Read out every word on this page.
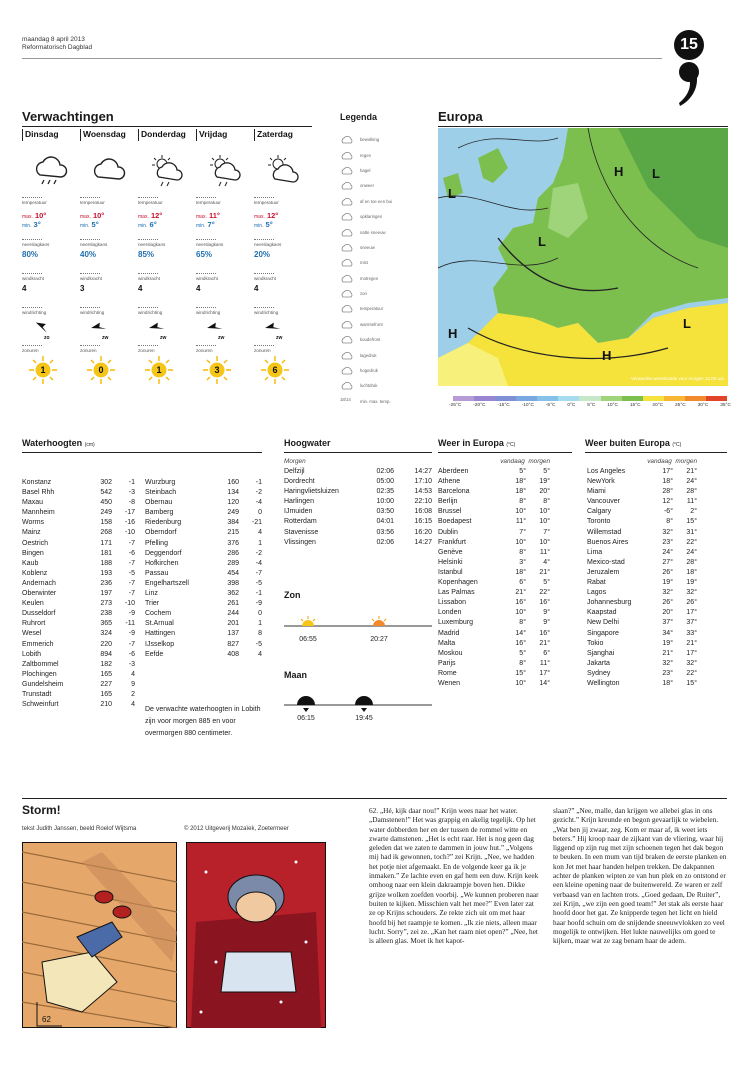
maandag 8 april 2013
Reformatorisch Dagblad	15
Verwachtingen
Dinsdag
temperatuur
max. 10°
min. 3°
neerslagkans
80%
windkracht
4
windrichting
zo
zonuren
1
Woensdag
temperatuur
max. 10°
min. 5°
neerslagkans
40%
windkracht
3
windrichting
zw
zonuren
0
Donderdag
temperatuur
max. 12°
min. 6°
neerslagkans
85%
windkracht
4
windrichting
zw
zonuren
1
Vrijdag
temperatuur
max. 11°
min. 7°
neerslagkans
65%
windkracht
4
windrichting
zw
zonuren
3
Zaterdag
temperatuur
max. 12°
min. 5°
neerslagkans
20%
windkracht
4
windrichting
zw
zonuren
6
Legenda
bewolking
regen
hagel
onweer
af en toe een bui
opklaringen
natte sneeuw
sneeuw
mist
motregen
zon
temperatuur
warmtefront
koudefront
lagedruk
hogedruk
luchtdruk
18/14	min. max. temp.
Europa
H
H
L
L
H
L
L
Verwachte weersituatie voor morgen 12.00 uur
-25°C -20°C -15°C -10°C -5°C 0°C 5°C 10°C 15°C 20°C 25°C 30°C 35°C
Waterhoogten (cm)
Konstanz	302	-1
Basel Rhh	542	-3
Maxau	450	-8
Mannheim	249	-17
Worms	158	-16
Mainz	268	-10
Oestrich	171	-7
Bingen	181	-6
Kaub	188	-7
Koblenz	193	-5
Andernach	236	-7
Oberwinter	197	-7
Keulen	273	-10
Dusseldorf	238	-9
Ruhrort	365	-11
Wesel	324	-9
Emmerich	220	-7
Lobith	894	-6
Zaltbommel	182	-3
Plochingen	165	4
Gundelsheim	227	9
Trunstadt	165	2
Schweinfurt	210	4
Wurzburg	160	-1
Steinbach	134	-2
Obernau	120	-4
Bamberg	249	0
Riedenburg	384	-21
Oberndorf	215	4
Pfelling	376	1
Deggendorf	286	-2
Hofkirchen	289	-4
Passau	454	-7
Engelhartszell	398	-5
Linz	362	-1
Trier	261	-9
Cochem	244	0
St.Arnual	201	1
Hattingen	137	8
IJsselkop	827	-5
Eefde	408	4
De verwachte waterhoogten in Lobith zijn voor morgen 885 en voor overmorgen 880 centimeter.
Hoogwater
Morgen
Delfzijl	02:06	14:27
Dordrecht	05:00	17:10
Haringvlietsluizen	02:35	14:53
Harlingen	10:00	22:10
IJmuiden	03:50	16:08
Rotterdam	04:01	16:15
Stavenisse	03:56	16:20
Vlissingen	02:06	14:27
Zon
06:55	20:27
Maan
06:15	19:45
Weer in Europa (°C)
vandaag morgen
Aberdeen	5°	5°
Athene	18°	19°
Barcelona	18°	20°
Berlijn	8°	8°
Brussel	10°	10°
Boedapest	11°	10°
Dublin	7°	7°
Frankfurt	10°	10°
Genève	8°	11°
Helsinki	3°	4°
Istanbul	18°	21°
Kopenhagen	6°	5°
Las Palmas	21°	22°
Lissabon	16°	16°
Londen	10°	9°
Luxemburg	8°	9°
Madrid	14°	16°
Malta	16°	21°
Moskou	5°	6°
Parijs	8°	11°
Rome	15°	17°
Wenen	10°	14°
Weer buiten Europa (°C)
vandaag morgen
Los Angeles	17°	21°
NewYork	18°	24°
Miami	28°	28°
Vancouver	12°	11°
Calgary	-6°	2°
Toronto	8°	15°
Willemstad	32°	31°
Buenos Aires	23°	22°
Lima	24°	24°
Mexico-stad	27°	28°
Jeruzalem	26°	18°
Rabat	19°	19°
Lagos	32°	32°
Johannesburg	26°	26°
Kaapstad	20°	17°
New Delhi	37°	37°
Singapore	34°	33°
Tokio	19°	21°
Sjanghai	21°	17°
Jakarta	32°	32°
Sydney	23°	22°
Wellington	18°	15°
Storm!
tekst Judith Janssen, beeld Roelof Wijtsma	© 2012 Uitgeverij Mozaïek, Zoetermeer
62

62. „Hé, kijk daar nou!” Krijn wees naar het water. „Damstenen!” Het was grappig en akelig tegelijk. Op het water dobberden her en der tussen de rommel witte en zwarte damstenen. „Het is echt raar. Het is nog geen dag geleden dat we zaten te dammen in jouw hut.” „Volgens mij had ik gewonnen, toch?” zei Krijn. „Nee, we hadden het potje niet afgemaakt. En de volgende keer ga ik je inmaken.” Ze lachte even en gaf hem een duw. Krijn keek omhoog naar een klein dakraampje boven hen. Dikke grijze wolken zoefden voorbij. „We kunnen proberen naar buiten te kijken. Misschien valt het mee?” Even later zat ze op Krijns schouders. Ze rekte zich uit om met haar hoofd bij het raampje te komen. „Ik zie niets, alleen maar lucht. Sorry”, zei ze. „Kan het raam niet open?” „Nee, het is alleen glas. Moet ik het kapot-

slaan?” „Nee, malle, dan krijgen we allebei glas in ons gezicht.” Krijn kreunde en begon gevaarlijk te wiebelen. „Wat ben jij zwaar, zeg. Kom er maar af, ik weet iets beters.” Hij kroop naar de zijkant van de vliering, waar hij liggend op zijn rug met zijn schoenen tegen het dak begon te beuken. In een mum van tijd braken de eerste planken en kon Jet met haar handen helpen trekken. De dakpannen achter de planken wipten ze van hun plek en zo ontstond er een kleine opening naar de buitenwereld. Ze waren er zelf verbaasd van en lachten trots. „Goed gedaan, De Ruiter”, zei Krijn, „we zijn een goed team!” Jet stak als eerste haar hoofd door het gat. Ze knipperde tegen het licht en hield haar hoofd schuin om de snijdende sneeuwvlokken zo veel mogelijk te ontwijken. Het lukte nauwelijks om goed te kijken, maar wat ze zag benam haar de adem.
